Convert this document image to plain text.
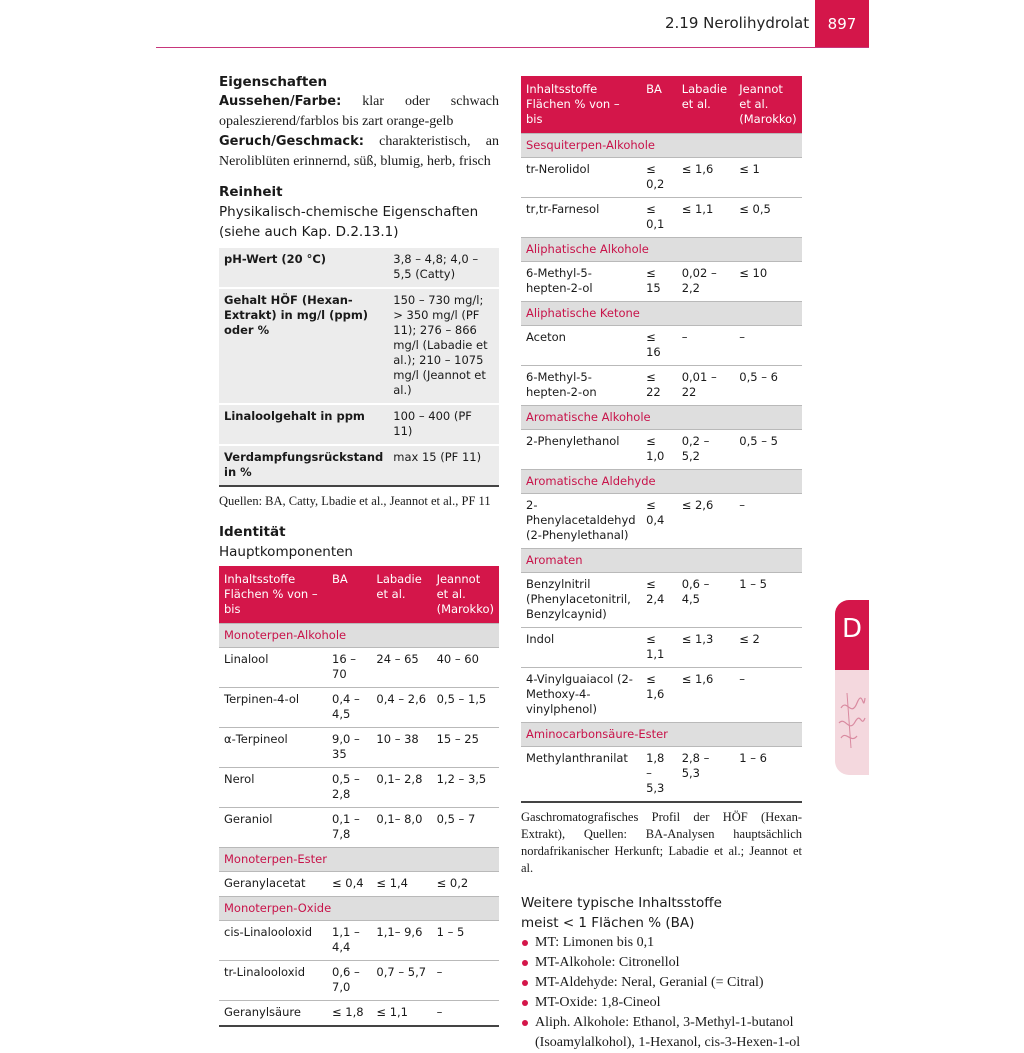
2.19 Nerolihydrolat	897
D
Eigenschaften

Aussehen/Farbe: klar oder schwach opaleszierend/farblos bis zart orange-gelb

Geruch/Geschmack: charakteristisch, an Neroliblüten erinnernd, süß, blumig, herb, frisch

Reinheit

Physikalisch-chemische Eigenschaften (siehe auch Kap. D.2.13.1)

pH-Wert (20 °C)	3,8 – 4,8; 4,0 – 5,5 (Catty)
Gehalt HÖF (Hexan-Extrakt) in mg/l (ppm) oder %	150 – 730 mg/l; > 350 mg/l (PF 11); 276 – 866 mg/l (Labadie et al.); 210 – 1075 mg/l (Jeannot et al.)
Linaloolgehalt in ppm	100 – 400 (PF 11)
Verdampfungsrückstand in %	max 15 (PF 11)

Quellen: BA, Catty, Lbadie et al., Jeannot et al., PF 11

Identität

Hauptkomponenten

Inhaltsstoffe Flächen % von – bis	BA	Labadie et al.	Jeannot et al. (Marokko)
Monoterpen-Alkohole			
Linalool	16 – 70	24 – 65	40 – 60
Terpinen-4-ol	0,4 – 4,5	0,4 – 2,6	0,5 – 1,5
α-Terpineol	9,0 – 35	10 – 38	15 – 25
Nerol	0,5 – 2,8	0,1– 2,8	1,2 – 3,5
Geraniol	0,1 – 7,8	0,1– 8,0	0,5 – 7
Monoterpen-Ester			
Geranylacetat	≤ 0,4	≤ 1,4	≤ 0,2
Monoterpen-Oxide			
cis-Linalooloxid	1,1 – 4,4	1,1– 9,6	1 – 5
tr-Linalooloxid	0,6 – 7,0	0,7 – 5,7	–
Geranylsäure	≤ 1,8	≤ 1,1	–
Inhaltsstoffe Flächen % von – bis	BA	Labadie et al.	Jeannot et al. (Marokko)
Sesquiterpen-Alkohole			
tr-Nerolidol	≤ 0,2	≤ 1,6	≤ 1
tr,tr-Farnesol	≤ 0,1	≤ 1,1	≤ 0,5
Aliphatische Alkohole			
6-Methyl-5-hepten-2-ol	≤ 15	0,02 – 2,2	≤ 10
Aliphatische Ketone			
Aceton	≤ 16	–	–
6-Methyl-5-hepten-2-on	≤ 22	0,01 – 22	0,5 – 6
Aromatische Alkohole			
2-Phenylethanol	≤ 1,0	0,2 – 5,2	0,5 – 5
Aromatische Aldehyde			
2-Phenylacetaldehyd (2-Phenylethanal)	≤ 0,4	≤ 2,6	–
Aromaten			
Benzylnitril (Phenylacetonitril, Benzylcaynid)	≤ 2,4	0,6 – 4,5	1 – 5
Indol	≤ 1,1	≤ 1,3	≤ 2
4-Vinylguaiacol (2-Methoxy-4-vinylphenol)	≤ 1,6	≤ 1,6	–
Aminocarbonsäure-Ester			
Methylanthranilat	1,8 – 5,3	2,8 – 5,3	1 – 6

Gaschromatografisches Profil der HÖF (Hexan-Extrakt), Quellen: BA-Analysen hauptsächlich nordafrikanischer Herkunft; Labadie et al.; Jeannot et al.

Weitere typische Inhaltsstoffe

meist < 1 Flächen % (BA)

MT: Limonen bis 0,1
MT-Alkohole: Citronellol
MT-Aldehyde: Neral, Geranial (= Citral)
MT-Oxide: 1,8-Cineol
Aliph. Alkohole: Ethanol, 3-Methyl-1-butanol (Isoamylalkohol), 1-Hexanol, cis-3-Hexen-1-ol
